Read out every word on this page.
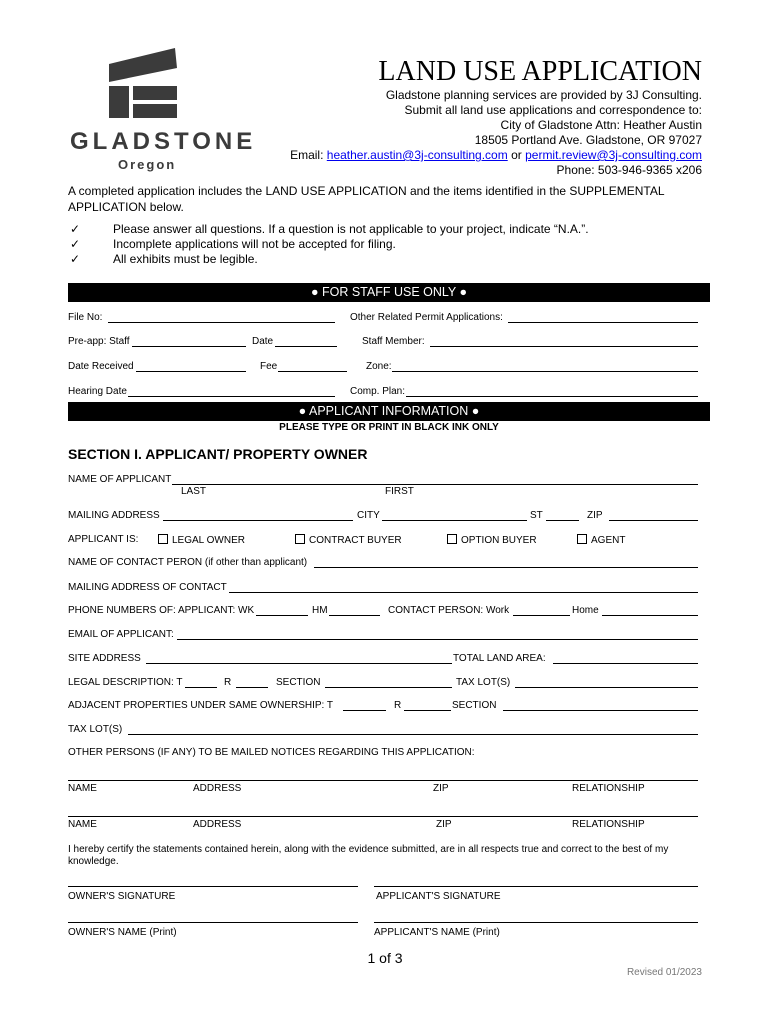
GLADSTONE
Oregon
LAND USE APPLICATION
Gladstone planning services are provided by 3J Consulting.
Submit all land use applications and correspondence to:
City of Gladstone Attn: Heather Austin
18505 Portland Ave. Gladstone, OR 97027
Email: heather.austin@3j-consulting.com or permit.review@3j-consulting.com
Phone: 503-946-9365 x206
A completed application includes the LAND USE APPLICATION and the items identified in the SUPPLEMENTAL
APPLICATION below.
✓	Please answer all questions. If a question is not applicable to your project, indicate “N.A.”.
✓	Incomplete applications will not be accepted for filing.
✓	All exhibits must be legible.
● FOR STAFF USE ONLY ●
File No:	Other Related Permit Applications:
Pre-app: Staff	Date	Staff Member:
Date Received	Fee	Zone:
Hearing Date	Comp. Plan:
● APPLICANT INFORMATION ●
PLEASE TYPE OR PRINT IN BLACK INK ONLY
SECTION I. APPLICANT/ PROPERTY OWNER
NAME OF APPLICANT
LAST	FIRST
MAILING ADDRESS	CITY	ST	ZIP
APPLICANT IS:	LEGAL OWNER	CONTRACT BUYER	OPTION BUYER	AGENT
NAME OF CONTACT PERON (if other than applicant)
MAILING ADDRESS OF CONTACT
PHONE NUMBERS OF: APPLICANT: WK	HM	CONTACT PERSON: Work	Home
EMAIL OF APPLICANT:
SITE ADDRESS	TOTAL LAND AREA:
LEGAL DESCRIPTION: T	R	SECTION	TAX LOT(S)
ADJACENT PROPERTIES UNDER SAME OWNERSHIP: T	R	SECTION
TAX LOT(S)
OTHER PERSONS (IF ANY) TO BE MAILED NOTICES REGARDING THIS APPLICATION:
NAME	ADDRESS	ZIP	RELATIONSHIP
NAME	ADDRESS	ZIP	RELATIONSHIP
I hereby certify the statements contained herein, along with the evidence submitted, are in all respects true and correct to the best of my
knowledge.
OWNER'S SIGNATURE	APPLICANT'S SIGNATURE
OWNER'S NAME (Print)	APPLICANT'S NAME (Print)
1 of 3
Revised 01/2023
